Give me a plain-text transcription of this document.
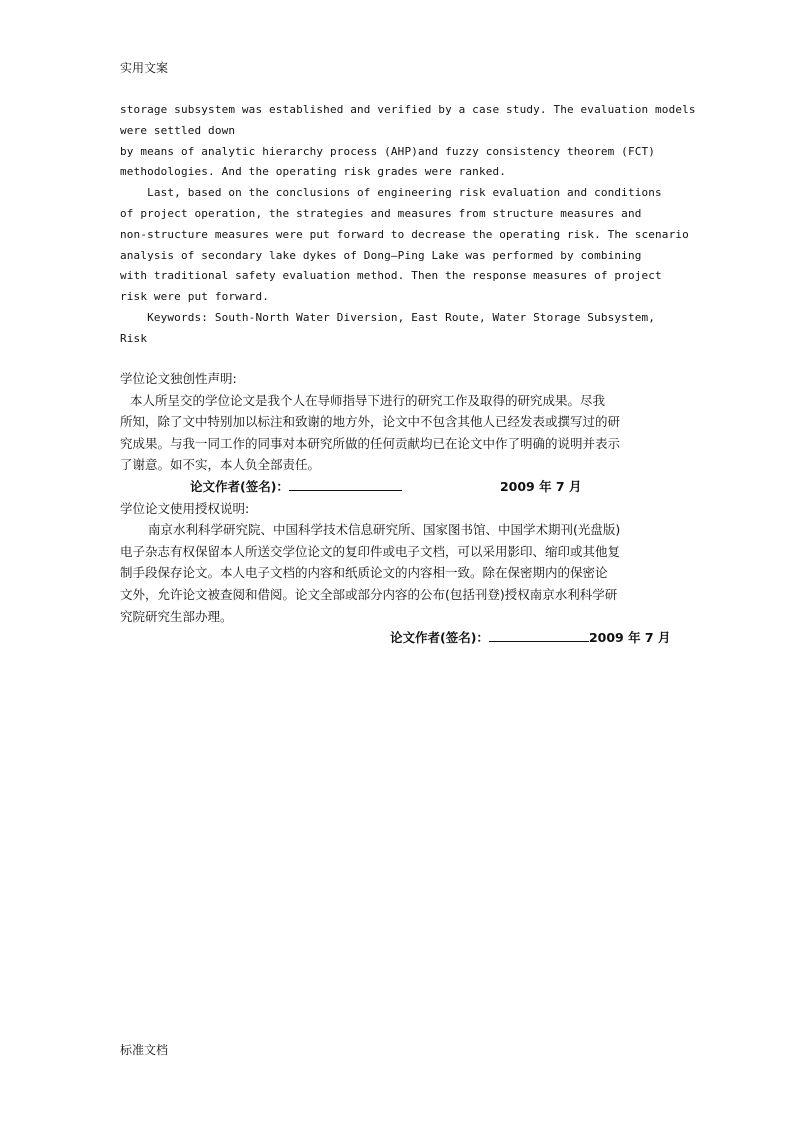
实用文案
storage subsystem was established and verified by a case study. The evaluation models
were settled down
by means of analytic hierarchy process (AHP)and fuzzy consistency theorem (FCT)
methodologies. And the operating risk grades were ranked.
Last, based on the conclusions of engineering risk evaluation and conditions
of project operation, the strategies and measures from structure measures and
non-structure measures were put forward to decrease the operating risk. The scenario
analysis of secondary lake dykes of Dong—Ping Lake was performed by combining
with traditional safety evaluation method. Then the response measures of project
risk were put forward.
Keywords: South-North Water Diversion, East Route, Water Storage Subsystem,
Risk
学位论文独创性声明:
本人所呈交的学位论文是我个人在导师指导下进行的研究工作及取得的研究成果。尽我
所知，除了文中特别加以标注和致谢的地方外，论文中不包含其他人已经发表或撰写过的研
究成果。与我一同工作的同事对本研究所做的任何贡献均已在论文中作了明确的说明并表示
了谢意。如不实，本人负全部责任。
论文作者(签名)：	2009 年 7 月
学位论文使用授权说明:
南京水利科学研究院、中国科学技术信息研究所、国家图书馆、中国学术期刊(光盘版)
电子杂志有权保留本人所送交学位论文的复印件或电子文档，可以采用影印、缩印或其他复
制手段保存论文。本人电子文档的内容和纸质论文的内容相一致。除在保密期内的保密论
文外，允许论文被查阅和借阅。论文全部或部分内容的公布(包括刊登)授权南京水利科学研
究院研究生部办理。
论文作者(签名)：	2009 年 7 月
标准文档
